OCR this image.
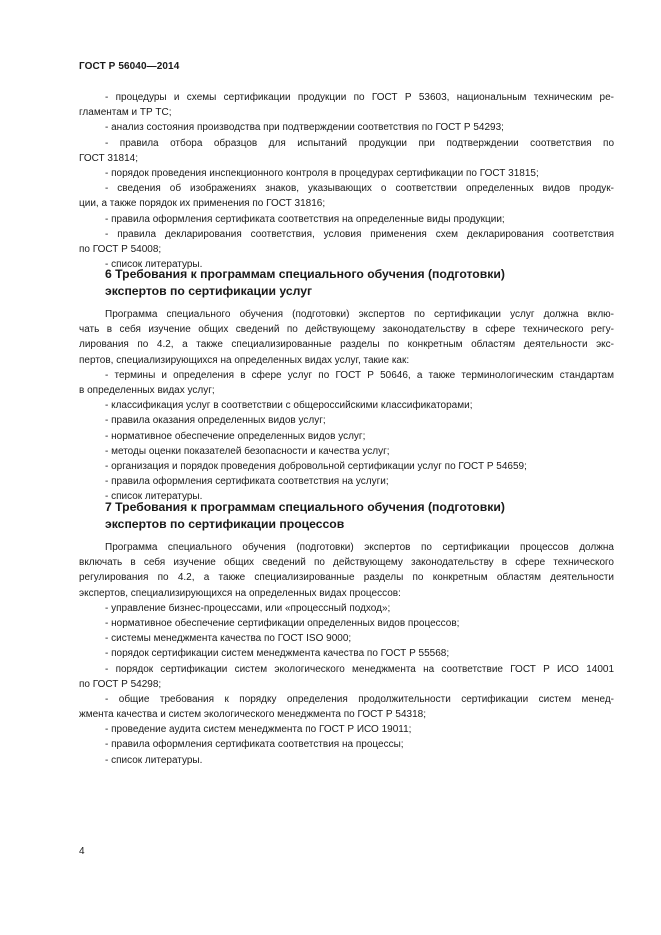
ГОСТ Р 56040—2014
- процедуры и схемы сертификации продукции по ГОСТ Р 53603, национальным техническим ре-
гламентам и ТР ТС;
- анализ состояния производства при подтверждении соответствия по ГОСТ Р 54293;
- правила отбора образцов для испытаний продукции при подтверждении соответствия по
ГОСТ 31814;
- порядок проведения инспекционного контроля в процедурах сертификации по ГОСТ 31815;
- сведения об изображениях знаков, указывающих о соответствии определенных видов продук-
ции, а также порядок их применения по ГОСТ 31816;
- правила оформления сертификата соответствия на определенные виды продукции;
- правила декларирования соответствия, условия применения схем декларирования соответствия
по ГОСТ Р 54008;
- список литературы.
6 Требования к программам специального обучения (подготовки)
экспертов по сертификации услуг
Программа специального обучения (подготовки) экспертов по сертификации услуг должна вклю-
чать в себя изучение общих сведений по действующему законодательству в сфере технического регу-
лирования по 4.2, а также специализированные разделы по конкретным областям деятельности экс-
пертов, специализирующихся на определенных видах услуг, такие как:
- термины и определения в сфере услуг по ГОСТ Р 50646, а также терминологическим стандартам
в определенных видах услуг;
- классификация услуг в соответствии с общероссийскими классификаторами;
- правила оказания определенных видов услуг;
- нормативное обеспечение определенных видов услуг;
- методы оценки показателей безопасности и качества услуг;
- организация и порядок проведения добровольной сертификации услуг по ГОСТ Р 54659;
- правила оформления сертификата соответствия на услуги;
- список литературы.
7 Требования к программам специального обучения (подготовки)
экспертов по сертификации процессов
Программа специального обучения (подготовки) экспертов по сертификации процессов должна
включать в себя изучение общих сведений по действующему законодательству в сфере технического
регулирования по 4.2, а также специализированные разделы по конкретным областям деятельности
экспертов, специализирующихся на определенных видах процессов:
- управление бизнес-процессами, или «процессный подход»;
- нормативное обеспечение сертификации определенных видов процессов;
- системы менеджмента качества по ГОСТ ISO 9000;
- порядок сертификации систем менеджмента качества по ГОСТ Р 55568;
- порядок сертификации систем экологического менеджмента на соответствие ГОСТ Р ИСО 14001
по ГОСТ Р 54298;
- общие требования к порядку определения продолжительности сертификации систем менед-
жмента качества и систем экологического менеджмента по ГОСТ Р 54318;
- проведение аудита систем менеджмента по ГОСТ Р ИСО 19011;
- правила оформления сертификата соответствия на процессы;
- список литературы.
4
